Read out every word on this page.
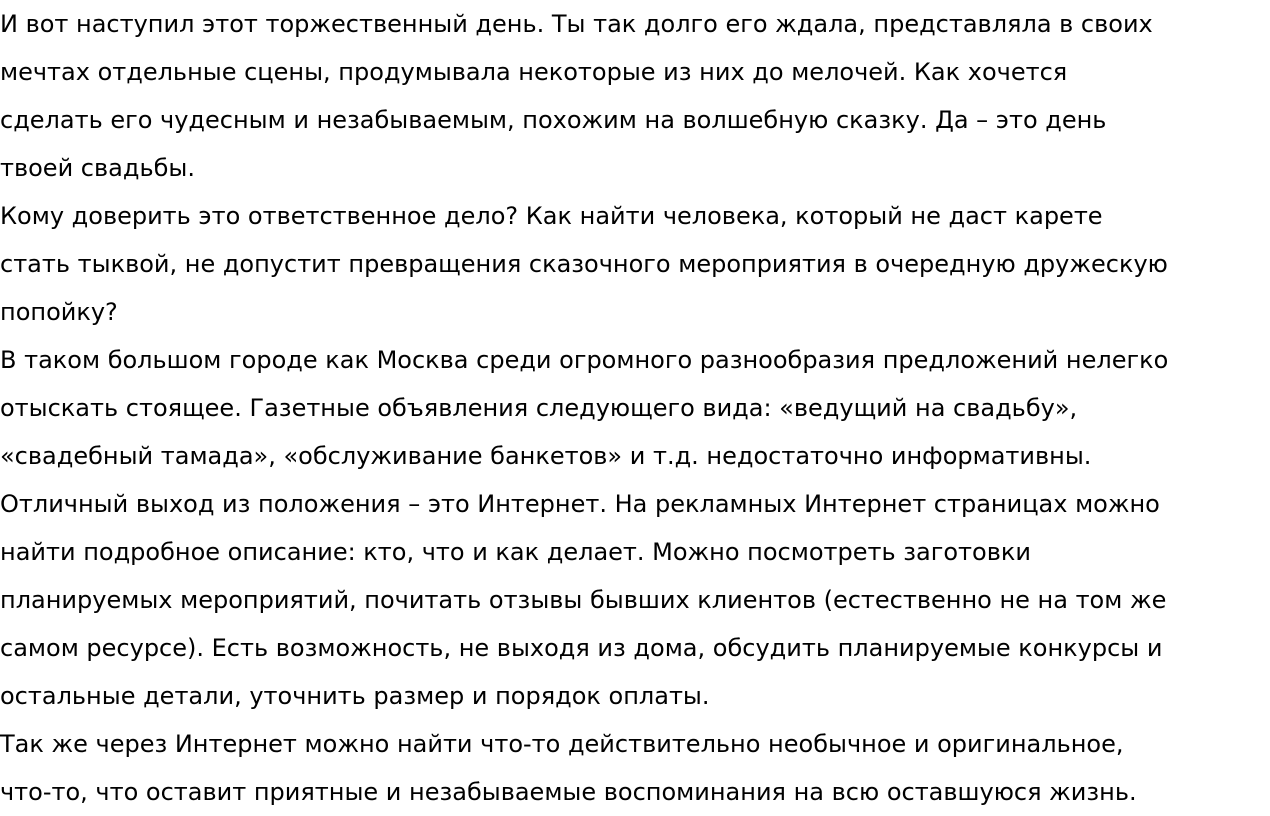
И вот наступил этот торжественный день. Ты так долго его ждала, представляла в своих
мечтах отдельные сцены, продумывала некоторые из них до мелочей. Как хочется
сделать его чудесным и незабываемым, похожим на волшебную сказку. Да – это день
твоей свадьбы.

Кому доверить это ответственное дело? Как найти человека, который не даст карете
стать тыквой, не допустит превращения сказочного мероприятия в очередную дружескую
попойку?

В таком большом городе как Москва среди огромного разнообразия предложений нелегко
отыскать стоящее. Газетные объявления следующего вида: «ведущий на свадьбу»,
«свадебный тамада», «обслуживание банкетов» и т.д. недостаточно информативны.

Отличный выход из положения – это Интернет. На рекламных Интернет страницах можно
найти подробное описание: кто, что и как делает. Можно посмотреть заготовки
планируемых мероприятий, почитать отзывы бывших клиентов (естественно не на том же
самом ресурсе). Есть возможность, не выходя из дома, обсудить планируемые конкурсы и
остальные детали, уточнить размер и порядок оплаты.

Так же через Интернет можно найти что-то действительно необычное и оригинальное,
что-то, что оставит приятные и незабываемые воспоминания на всю оставшуюся жизнь.
